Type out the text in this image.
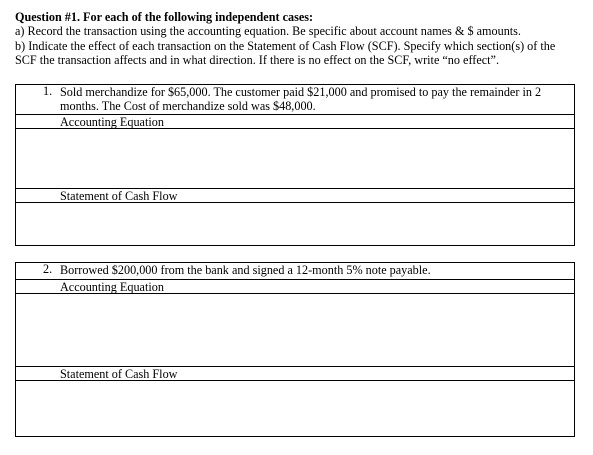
Question #1. For each of the following independent cases:
a) Record the transaction using the accounting equation. Be specific about account names & $ amounts.
b) Indicate the effect of each transaction on the Statement of Cash Flow (SCF). Specify which section(s) of the
SCF the transaction affects and in what direction. If there is no effect on the SCF, write “no effect”.
1. Sold merchandize for $65,000. The customer paid $21,000 and promised to pay the remainder in 2
months. The Cost of merchandize sold was $48,000.
Accounting Equation
Statement of Cash Flow
2. Borrowed $200,000 from the bank and signed a 12-month 5% note payable.
Accounting Equation
Statement of Cash Flow
